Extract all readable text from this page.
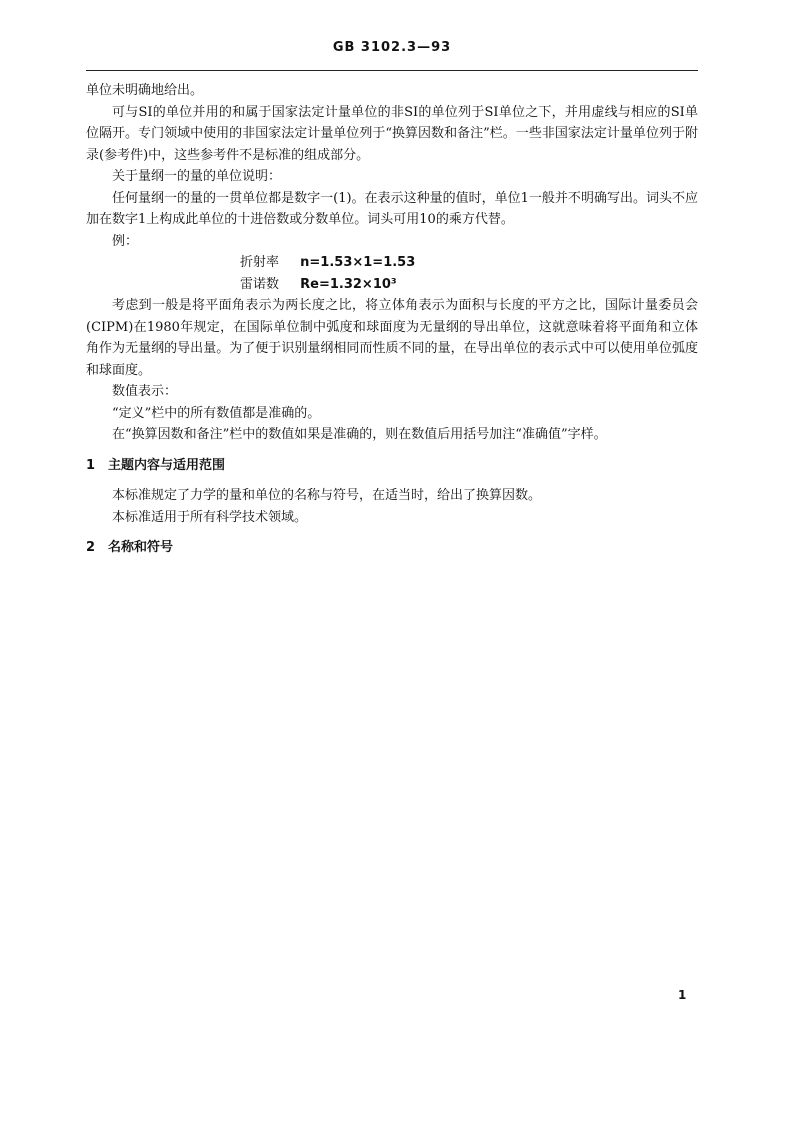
GB 3102.3—93

单位未明确地给出。

可与SI的单位并用的和属于国家法定计量单位的非SI的单位列于SI单位之下，并用虚线与相应的SI单位隔开。专门领域中使用的非国家法定计量单位列于“换算因数和备注”栏。一些非国家法定计量单位列于附录(参考件)中，这些参考件不是标准的组成部分。

关于量纲一的量的单位说明：

任何量纲一的量的一贯单位都是数字一(1)。在表示这种量的值时，单位1一般并不明确写出。词头不应加在数字1上构成此单位的十进倍数或分数单位。词头可用10的乘方代替。

例：

折射率 n=1.53×1=1.53

雷诺数 Re=1.32×10³

考虑到一般是将平面角表示为两长度之比，将立体角表示为面积与长度的平方之比，国际计量委员会(CIPM)在1980年规定，在国际单位制中弧度和球面度为无量纲的导出单位，这就意味着将平面角和立体角作为无量纲的导出量。为了便于识别量纲相同而性质不同的量，在导出单位的表示式中可以使用单位弧度和球面度。

数值表示：

“定义”栏中的所有数值都是准确的。

在“换算因数和备注”栏中的数值如果是准确的，则在数值后用括号加注“准确值”字样。

1 主题内容与适用范围

本标准规定了力学的量和单位的名称与符号，在适当时，给出了换算因数。

本标准适用于所有科学技术领域。

2 名称和符号
1
